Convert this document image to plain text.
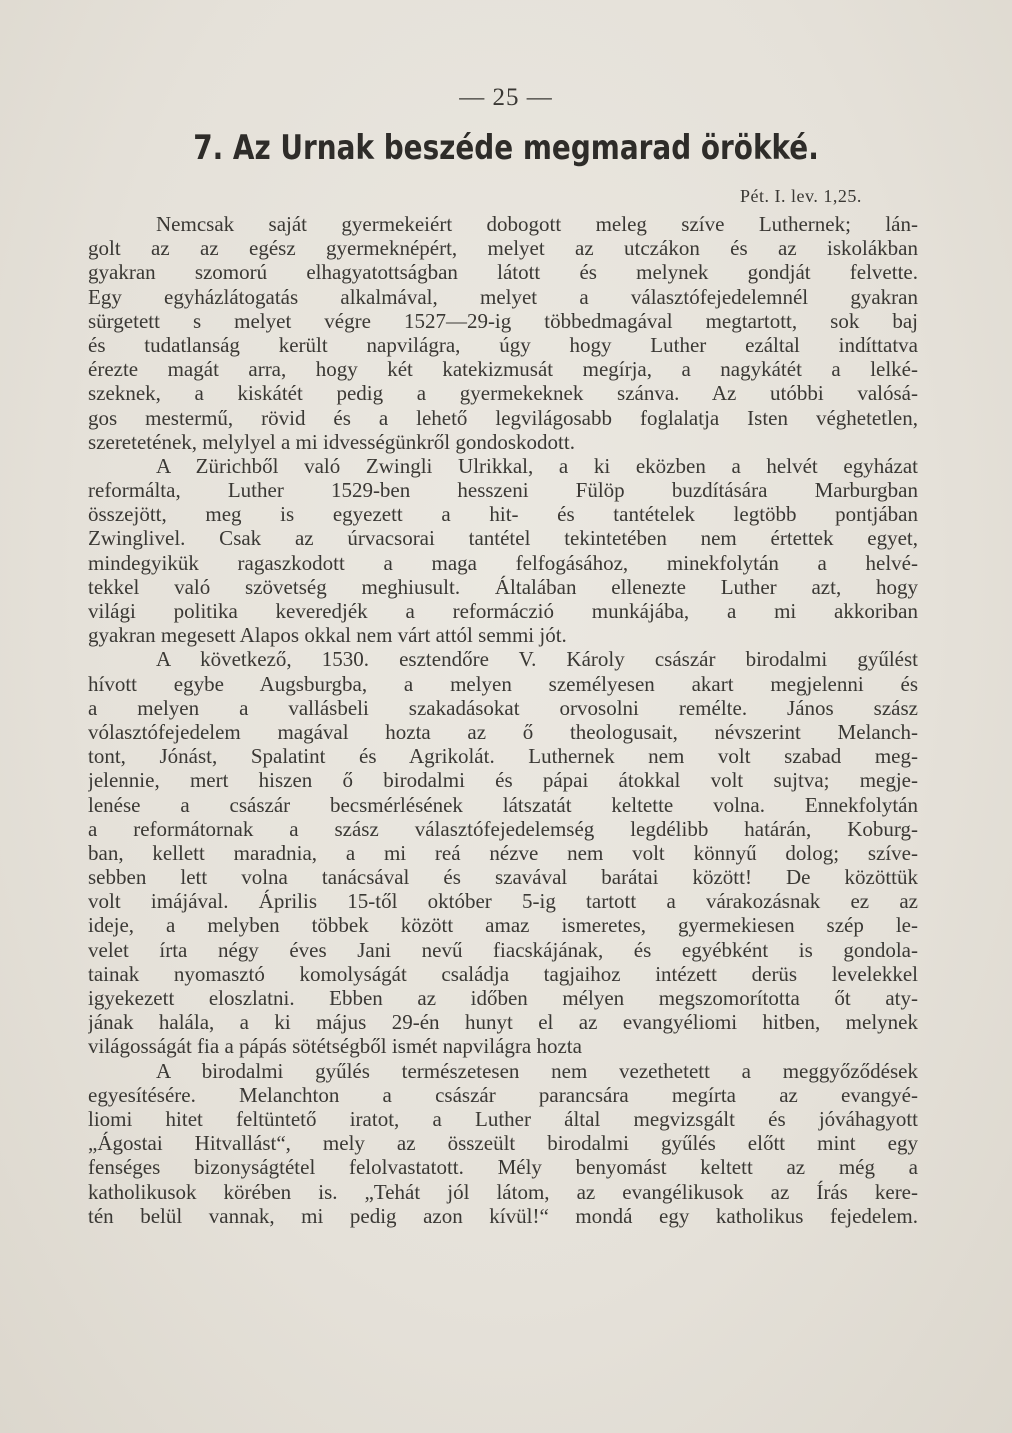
— 25 —
7. Az Urnak beszéde megmarad örökké.
Pét. I. lev. 1,25.
Nemcsak saját gyermekeiért dobogott meleg szíve Luthernek; lán-
golt az az egész gyermeknépért, melyet az utczákon és az iskolákban
gyakran szomorú elhagyatottságban látott és melynek gondját felvette.
Egy egyházlátogatás alkalmával, melyet a választófejedelemnél gyakran
sürgetett s melyet végre 1527—29-ig többedmagával megtartott, sok baj
és tudatlanság került napvilágra, úgy hogy Luther ezáltal indíttatva
érezte magát arra, hogy két katekizmusát megírja, a nagykátét a lelké-
szeknek, a kiskátét pedig a gyermekeknek szánva. Az utóbbi valósá-
gos mestermű, rövid és a lehető legvilágosabb foglalatja Isten véghetetlen,
szeretetének, melylyel a mi idvességünkről gondoskodott.
A Zürichből való Zwingli Ulrikkal, a ki eközben a helvét egyházat
reformálta, Luther 1529-ben hesszeni Fülöp buzdítására Marburgban
összejött, meg is egyezett a hit- és tantételek legtöbb pontjában
Zwinglivel. Csak az úrvacsorai tantétel tekintetében nem értettek egyet,
mindegyikük ragaszkodott a maga felfogásához, minekfolytán a helvé-
tekkel való szövetség meghiusult. Általában ellenezte Luther azt, hogy
világi politika keveredjék a reformáczió munkájába, a mi akkoriban
gyakran megesett Alapos okkal nem várt attól semmi jót.
A következő, 1530. esztendőre V. Károly császár birodalmi gyűlést
hívott egybe Augsburgba, a melyen személyesen akart megjelenni és
a melyen a vallásbeli szakadásokat orvosolni remélte. János szász
vólasztófejedelem magával hozta az ő theologusait, névszerint Melanch-
tont, Jónást, Spalatint és Agrikolát. Luthernek nem volt szabad meg-
jelennie, mert hiszen ő birodalmi és pápai átokkal volt sujtva; megje-
lenése a császár becsmérlésének látszatát keltette volna. Ennekfolytán
a reformátornak a szász választófejedelemség legdélibb határán, Koburg-
ban, kellett maradnia, a mi reá nézve nem volt könnyű dolog; szíve-
sebben lett volna tanácsával és szavával barátai között! De közöttük
volt imájával. Április 15-től október 5-ig tartott a várakozásnak ez az
ideje, a melyben többek között amaz ismeretes, gyermekiesen szép le-
velet írta négy éves Jani nevű fiacskájának, és egyébként is gondola-
tainak nyomasztó komolyságát családja tagjaihoz intézett derüs levelekkel
igyekezett eloszlatni. Ebben az időben mélyen megszomorította őt aty-
jának halála, a ki május 29-én hunyt el az evangyéliomi hitben, melynek
világosságát fia a pápás sötétségből ismét napvilágra hozta
A birodalmi gyűlés természetesen nem vezethetett a meggyőződések
egyesítésére. Melanchton a császár parancsára megírta az evangyé-
liomi hitet feltüntető iratot, a Luther által megvizsgált és jóváhagyott
„Ágostai Hitvallást“, mely az összeült birodalmi gyűlés előtt mint egy
fenséges bizonyságtétel felolvastatott. Mély benyomást keltett az még a
katholikusok körében is. „Tehát jól látom, az evangélikusok az Írás kere-
tén belül vannak, mi pedig azon kívül!“ mondá egy katholikus fejedelem.
